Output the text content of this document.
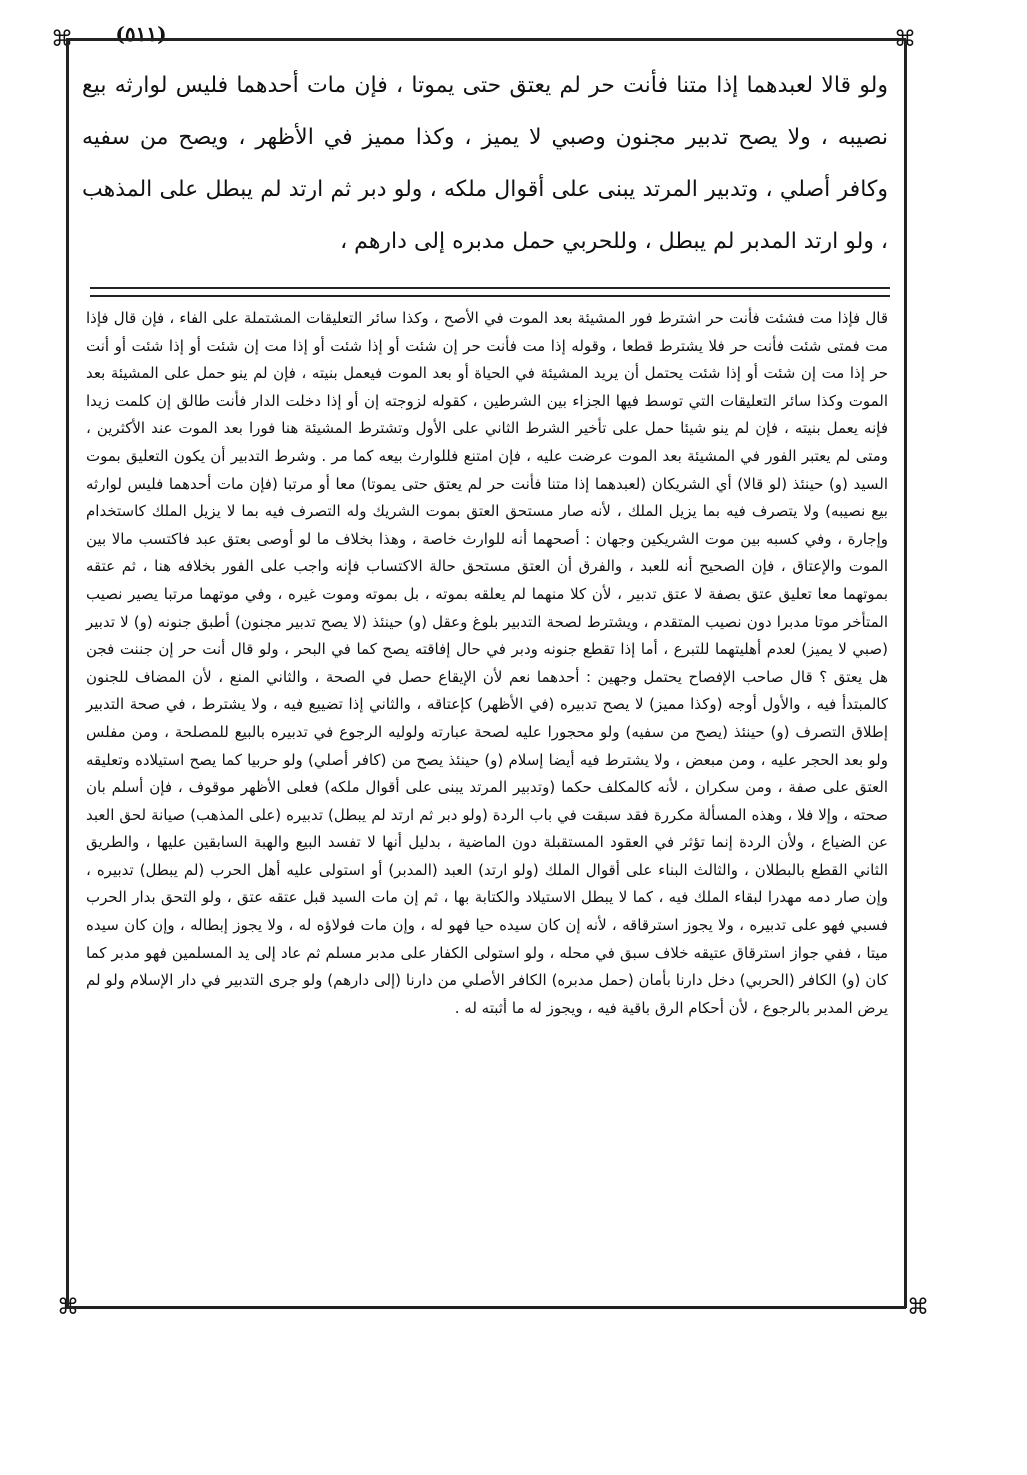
(٥١١)
⌘	⌘
⌘	⌘
ولو قالا لعبدهما إذا متنا فأنت حر لم يعتق حتى يموتا ، فإن مات أحدهما فليس لوارثه بيع نصيبه ، ولا يصح تدبير مجنون وصبي لا يميز ، وكذا مميز في الأظهر ، ويصح من سفيه وكافر أصلي ، وتدبير المرتد يبنى على أقوال ملكه ، ولو دبر ثم ارتد لم يبطل على المذهب ، ولو ارتد المدبر لم يبطل ، وللحربي حمل مدبره إلى دارهم ،
قال فإذا مت فشئت فأنت حر اشترط فور المشيئة بعد الموت في الأصح ، وكذا سائر التعليقات المشتملة على الفاء ، فإن قال فإذا مت فمتى شئت فأنت حر فلا يشترط قطعا ، وقوله إذا مت فأنت حر إن شئت أو إذا شئت أو إذا مت إن شئت أو إذا شئت أو أنت حر إذا مت إن شئت أو إذا شئت يحتمل أن يريد المشيئة في الحياة أو بعد الموت فيعمل بنيته ، فإن لم ينو حمل على المشيئة بعد الموت وكذا سائر التعليقات التي توسط فيها الجزاء بين الشرطين ، كقوله لزوجته إن أو إذا دخلت الدار فأنت طالق إن كلمت زيدا فإنه يعمل بنيته ، فإن لم ينو شيئا حمل على تأخير الشرط الثاني على الأول وتشترط المشيئة هنا فورا بعد الموت عند الأكثرين ، ومتى لم يعتبر الفور في المشيئة بعد الموت عرضت عليه ، فإن امتنع فللوارث بيعه كما مر . وشرط التدبير أن يكون التعليق بموت السيد (و) حينئذ (لو قالا) أي الشريكان (لعبدهما إذا متنا فأنت حر لم يعتق حتى يموتا) معا أو مرتبا (فإن مات أحدهما فليس لوارثه بيع نصيبه) ولا يتصرف فيه بما يزيل الملك ، لأنه صار مستحق العتق بموت الشريك وله التصرف فيه بما لا يزيل الملك كاستخدام وإجارة ، وفي كسبه بين موت الشريكين وجهان : أصحهما أنه للوارث خاصة ، وهذا بخلاف ما لو أوصى بعتق عبد فاكتسب مالا بين الموت والإعتاق ، فإن الصحيح أنه للعبد ، والفرق أن العتق مستحق حالة الاكتساب فإنه واجب على الفور بخلافه هنا ، ثم عتقه بموتهما معا تعليق عتق بصفة لا عتق تدبير ، لأن كلا منهما لم يعلقه بموته ، بل بموته وموت غيره ، وفي موتهما مرتبا يصير نصيب المتأخر موتا مدبرا دون نصيب المتقدم ، ويشترط لصحة التدبير بلوغ وعقل (و) حينئذ (لا يصح تدبير مجنون) أطبق جنونه (و) لا تدبير (صبي لا يميز) لعدم أهليتهما للتبرع ، أما إذا تقطع جنونه ودبر في حال إفاقته يصح كما في البحر ، ولو قال أنت حر إن جننت فجن هل يعتق ؟ قال صاحب الإفصاح يحتمل وجهين : أحدهما نعم لأن الإيقاع حصل في الصحة ، والثاني المنع ، لأن المضاف للجنون كالمبتدأ فيه ، والأول أوجه (وكذا مميز) لا يصح تدبيره (في الأظهر) كإعتاقه ، والثاني إذا تضييع فيه ، ولا يشترط ، في صحة التدبير إطلاق التصرف (و) حينئذ (يصح من سفيه) ولو محجورا عليه لصحة عبارته ولوليه الرجوع في تدبيره بالبيع للمصلحة ، ومن مفلس ولو بعد الحجر عليه ، ومن مبعض ، ولا يشترط فيه أيضا إسلام (و) حينئذ يصح من (كافر أصلي) ولو حربيا كما يصح استيلاده وتعليقه العتق على صفة ، ومن سكران ، لأنه كالمكلف حكما (وتدبير المرتد يبنى على أقوال ملكه) فعلى الأظهر موقوف ، فإن أسلم بان صحته ، وإلا فلا ، وهذه المسألة مكررة فقد سبقت في باب الردة (ولو دبر ثم ارتد لم يبطل) تدبيره (على المذهب) صيانة لحق العبد عن الضياع ، ولأن الردة إنما تؤثر في العقود المستقبلة دون الماضية ، بدليل أنها لا تفسد البيع والهبة السابقين عليها ، والطريق الثاني القطع بالبطلان ، والثالث البناء على أقوال الملك (ولو ارتد) العبد (المدبر) أو استولى عليه أهل الحرب (لم يبطل) تدبيره ، وإن صار دمه مهدرا لبقاء الملك فيه ، كما لا يبطل الاستيلاد والكتابة بها ، ثم إن مات السيد قبل عتقه عتق ، ولو التحق بدار الحرب فسبي فهو على تدبيره ، ولا يجوز استرقاقه ، لأنه إن كان سيده حيا فهو له ، وإن مات فولاؤه له ، ولا يجوز إبطاله ، وإن كان سيده ميتا ، ففي جواز استرقاق عتيقه خلاف سبق في محله ، ولو استولى الكفار على مدبر مسلم ثم عاد إلى يد المسلمين فهو مدبر كما كان (و) الكافر (الحربي) دخل دارنا بأمان (حمل مدبره) الكافر الأصلي من دارنا (إلى دارهم) ولو جرى التدبير في دار الإسلام ولو لم يرض المدبر بالرجوع ، لأن أحكام الرق باقية فيه ، ويجوز له ما أثبته له .
